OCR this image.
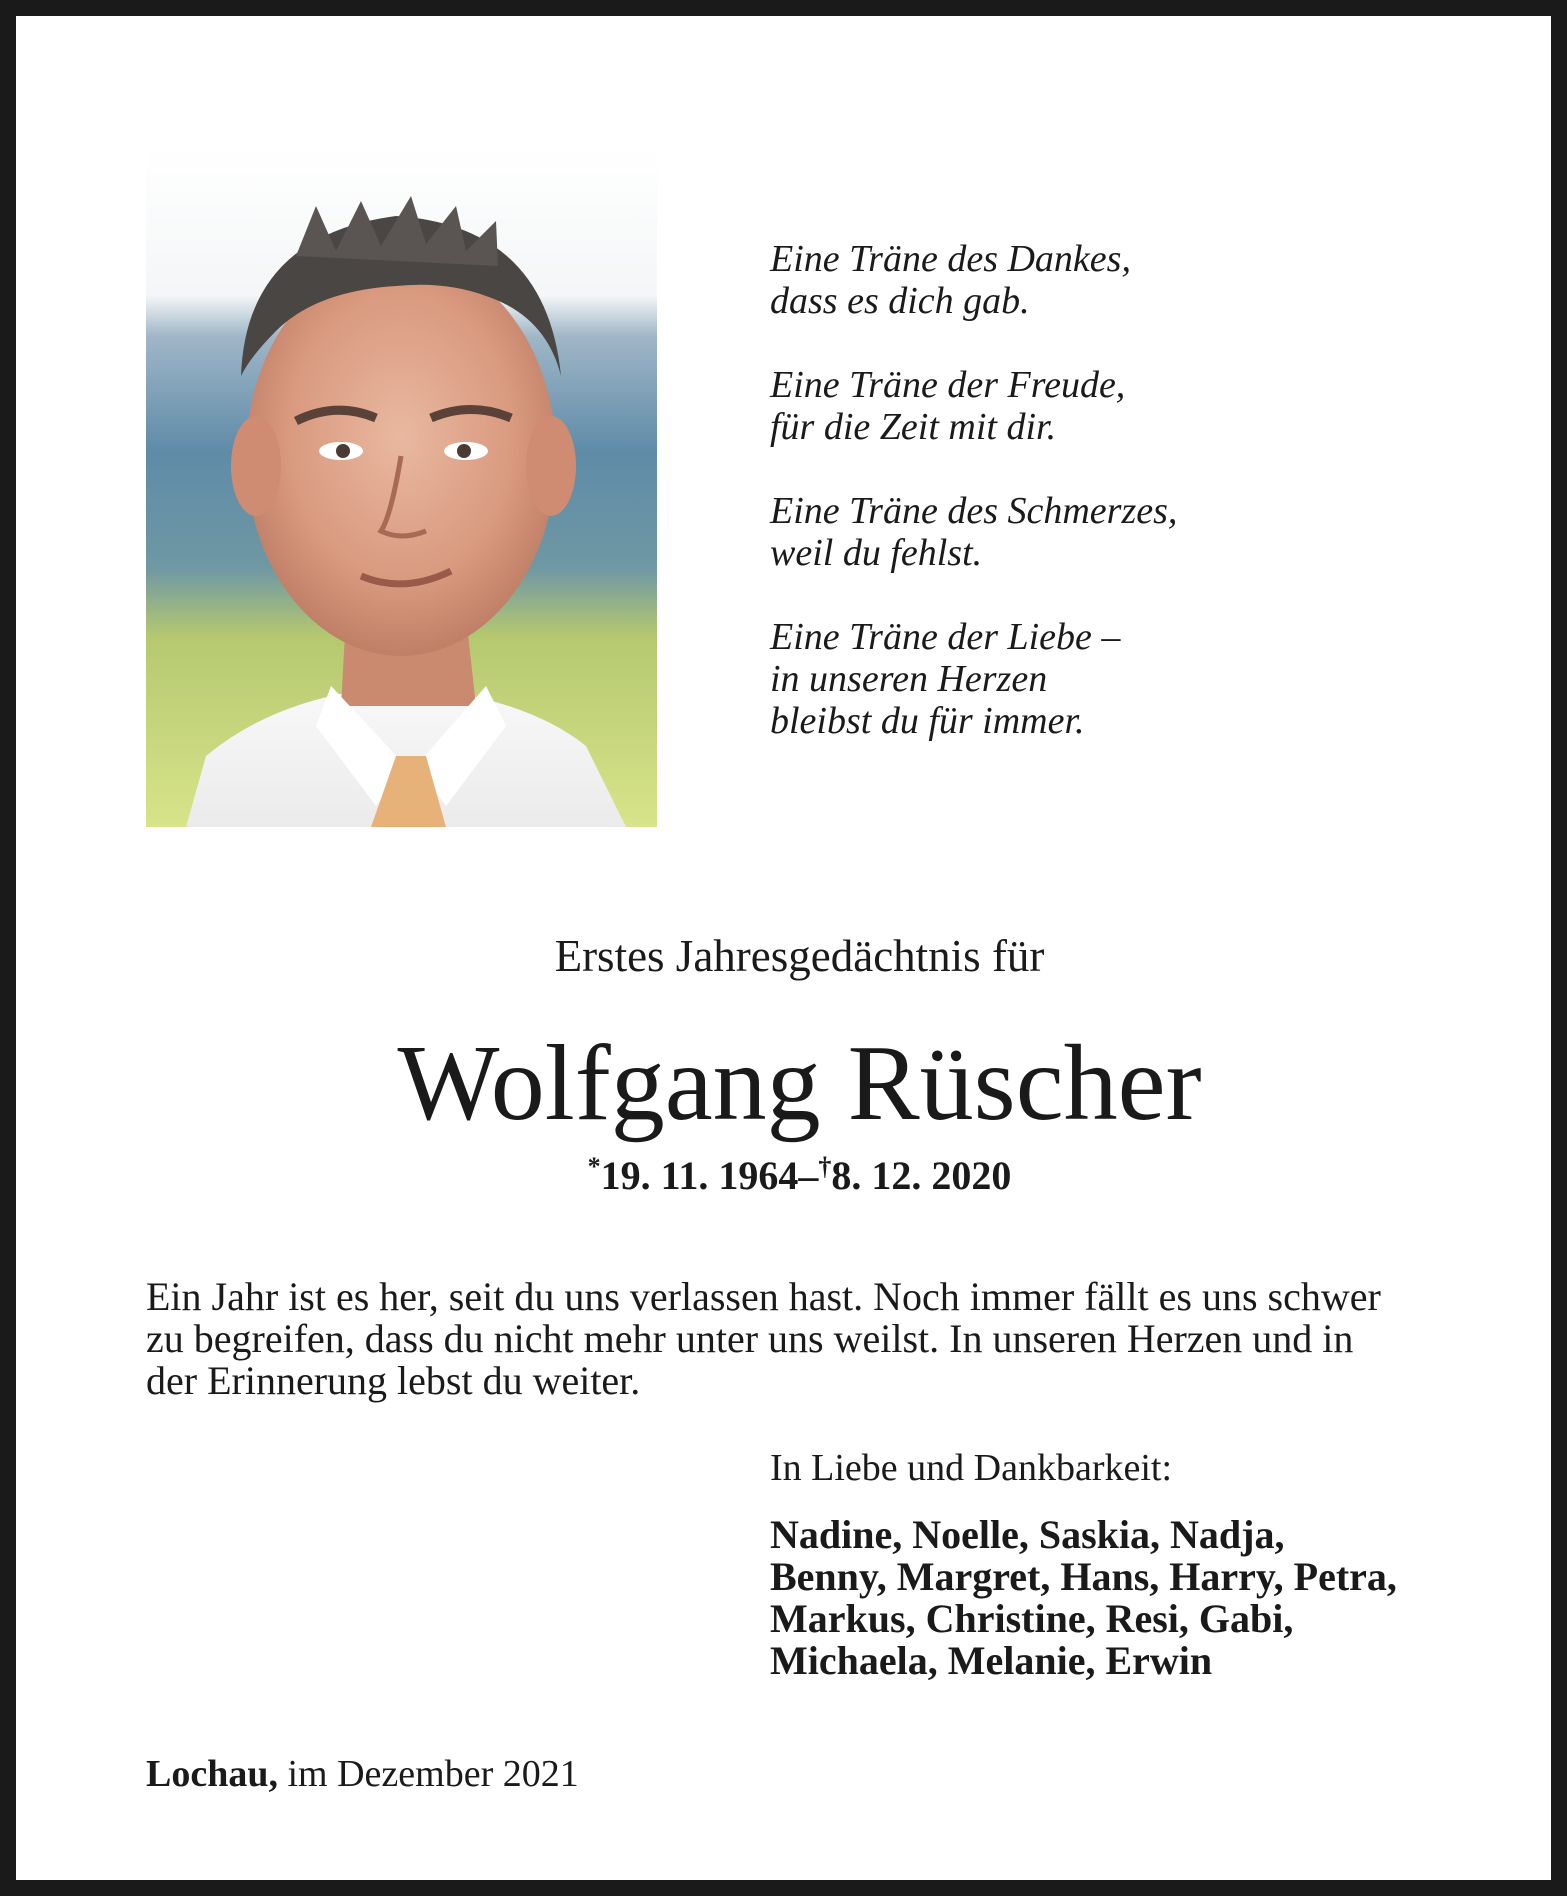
Eine Träne des Dankes,
dass es dich gab.
Eine Träne der Freude,
für die Zeit mit dir.
Eine Träne des Schmerzes,
weil du fehlst.
Eine Träne der Liebe –
in unseren Herzen
bleibst du für immer.
Erstes Jahresgedächtnis für
Wolfgang Rüscher
*19. 11. 1964–†8. 12. 2020
Ein Jahr ist es her, seit du uns verlassen hast. Noch immer fällt es uns schwer
zu begreifen, dass du nicht mehr unter uns weilst. In unseren Herzen und in
der Erinnerung lebst du weiter.
In Liebe und Dankbarkeit:
Nadine, Noelle, Saskia, Nadja,
Benny, Margret, Hans, Harry, Petra,
Markus, Christine, Resi, Gabi,
Michaela, Melanie, Erwin
Lochau, im Dezember 2021
